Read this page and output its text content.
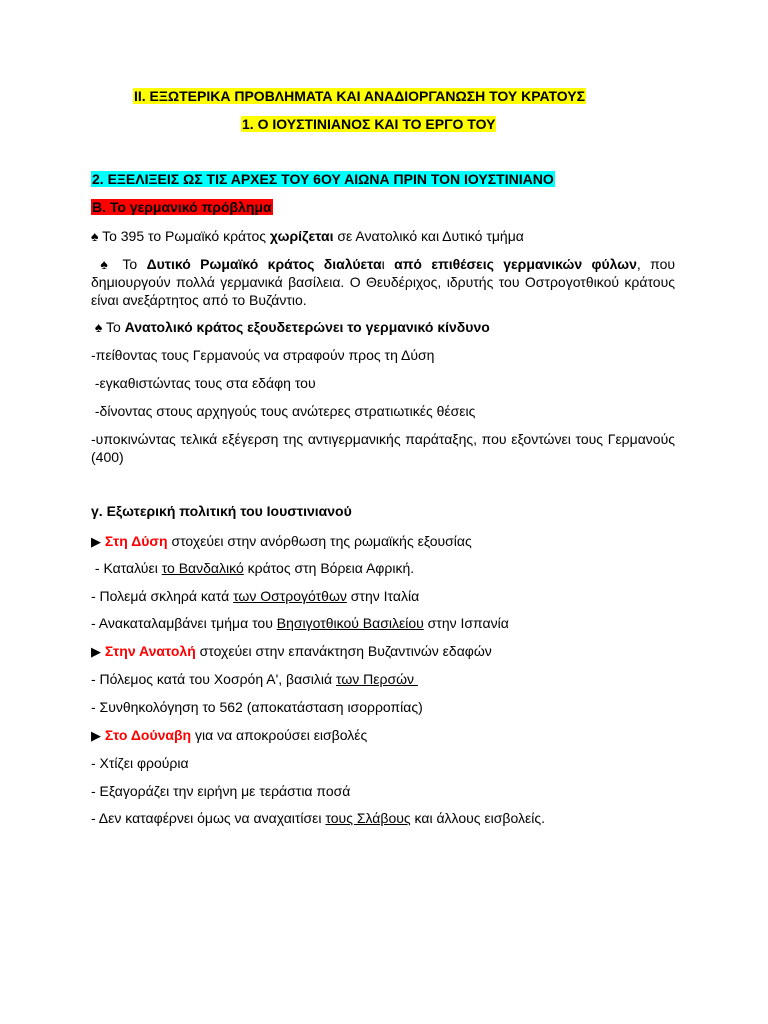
ΙΙ. ΕΞΩΤΕΡΙΚΑ ΠΡΟΒΛΗΜΑΤΑ ΚΑΙ ΑΝΑΔΙΟΡΓΑΝΩΣΗ ΤΟΥ ΚΡΑΤΟΥΣ
1. Ο ΙΟΥΣΤΙΝΙΑΝΟΣ ΚΑΙ ΤΟ ΕΡΓΟ ΤΟΥ
2. ΕΞΕΛΙΞΕΙΣ ΩΣ ΤΙΣ ΑΡΧΕΣ ΤΟΥ 6ΟΥ ΑΙΩΝΑ ΠΡΙΝ ΤΟΝ ΙΟΥΣΤΙΝΙΑΝΟ
Β. Το γερμανικό πρόβλημα
♠ Το 395 το Ρωμαϊκό κράτος χωρίζεται σε Ανατολικό και Δυτικό τμήμα
♠ Το Δυτικό Ρωμαϊκό κράτος διαλύεται από επιθέσεις γερμανικών φύλων, που δημιουργούν πολλά γερμανικά βασίλεια. Ο Θευδέριχος, ιδρυτής του Οστρογοτθικού κράτους είναι ανεξάρτητος από το Βυζάντιο.
♠ Το Ανατολικό κράτος εξουδετερώνει το γερμανικό κίνδυνο
-πείθοντας τους Γερμανούς να στραφούν προς τη Δύση
-εγκαθιστώντας τους στα εδάφη του
-δίνοντας στους αρχηγούς τους ανώτερες στρατιωτικές θέσεις
-υποκινώντας τελικά εξέγερση της αντιγερμανικής παράταξης, που εξοντώνει τους Γερμανούς (400)
γ. Εξωτερική πολιτική του Ιουστινιανού
▶ Στη Δύση στοχεύει στην ανόρθωση της ρωμαϊκής εξουσίας
- Καταλύει το Βανδαλικό κράτος στη Βόρεια Αφρική.
- Πολεμά σκληρά κατά των Οστρογότθων στην Ιταλία
- Ανακαταλαμβάνει τμήμα του Βησιγοτθικού Βασιλείου στην Ισπανία
▶ Στην Ανατολή στοχεύει στην επανάκτηση Βυζαντινών εδαφών
- Πόλεμος κατά του Χοσρόη Α', βασιλιά των Περσών
- Συνθηκολόγηση το 562 (αποκατάσταση ισορροπίας)
▶ Στο Δούναβη για να αποκρούσει εισβολές
- Χτίζει φρούρια
- Εξαγοράζει την ειρήνη με τεράστια ποσά
- Δεν καταφέρνει όμως να αναχαιτίσει τους Σλάβους και άλλους εισβολείς.
